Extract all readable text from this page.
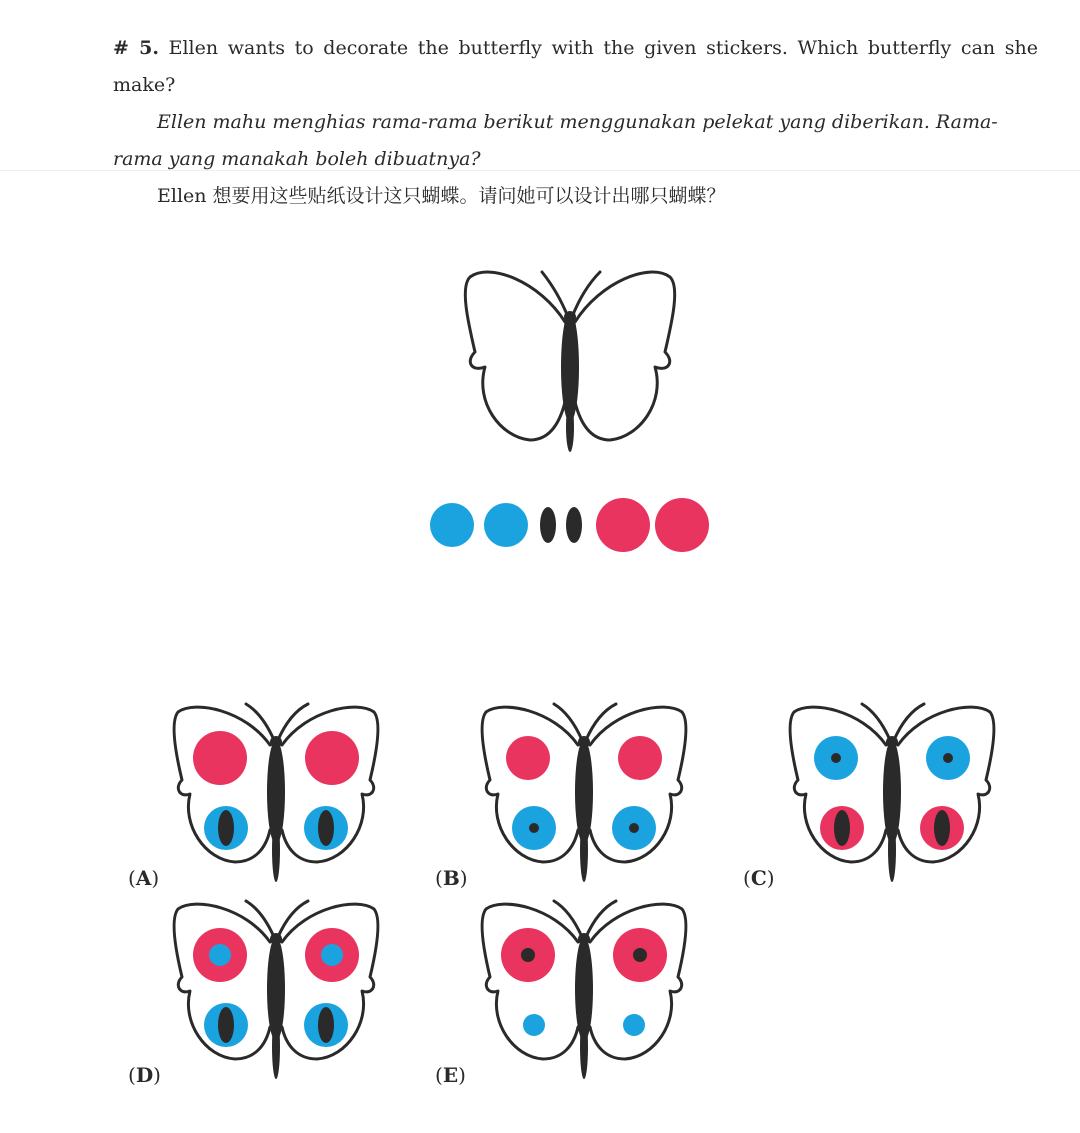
# 5. Ellen wants to decorate the butterfly with the given stickers. Which butterfly can she make?
Ellen mahu menghias rama-rama berikut menggunakan pelekat yang diberikan. Rama-rama yang manakah boleh dibuatnya?
Ellen 想要用这些贴纸设计这只蝴蝶。请问她可以设计出哪只蝴蝶？
(A)	(B)	(C)
(D)	(E)
